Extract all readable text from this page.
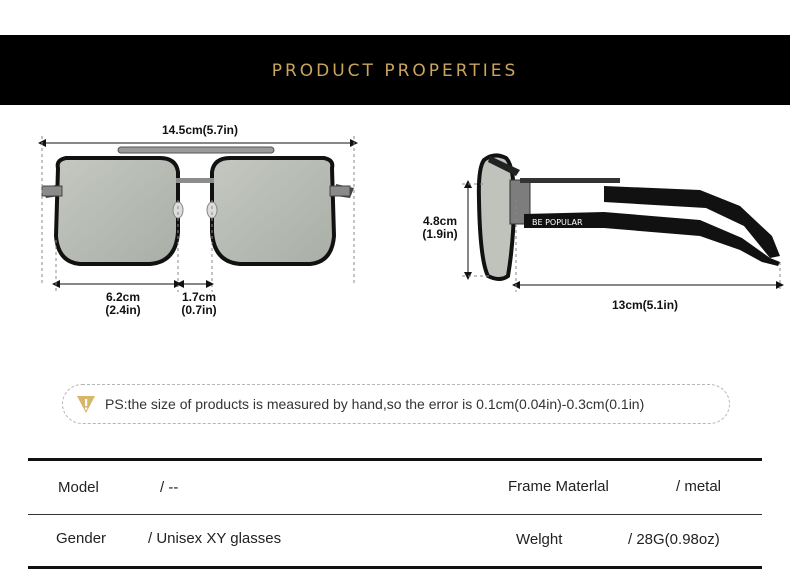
PRODUCT PROPERTIES
BE POPULAR
14.5cm(5.7in)
6.2cm
(2.4in)
1.7cm
(0.7in)
4.8cm
(1.9in)
13cm(5.1in)
PS:the size of products is measured by hand,so the error is 0.1cm(0.04in)-0.3cm(0.1in)
Model	/ --	Frame Materlal	/ metal
Gender	/ Unisex XY glasses	Welght	/ 28G(0.98oz)
